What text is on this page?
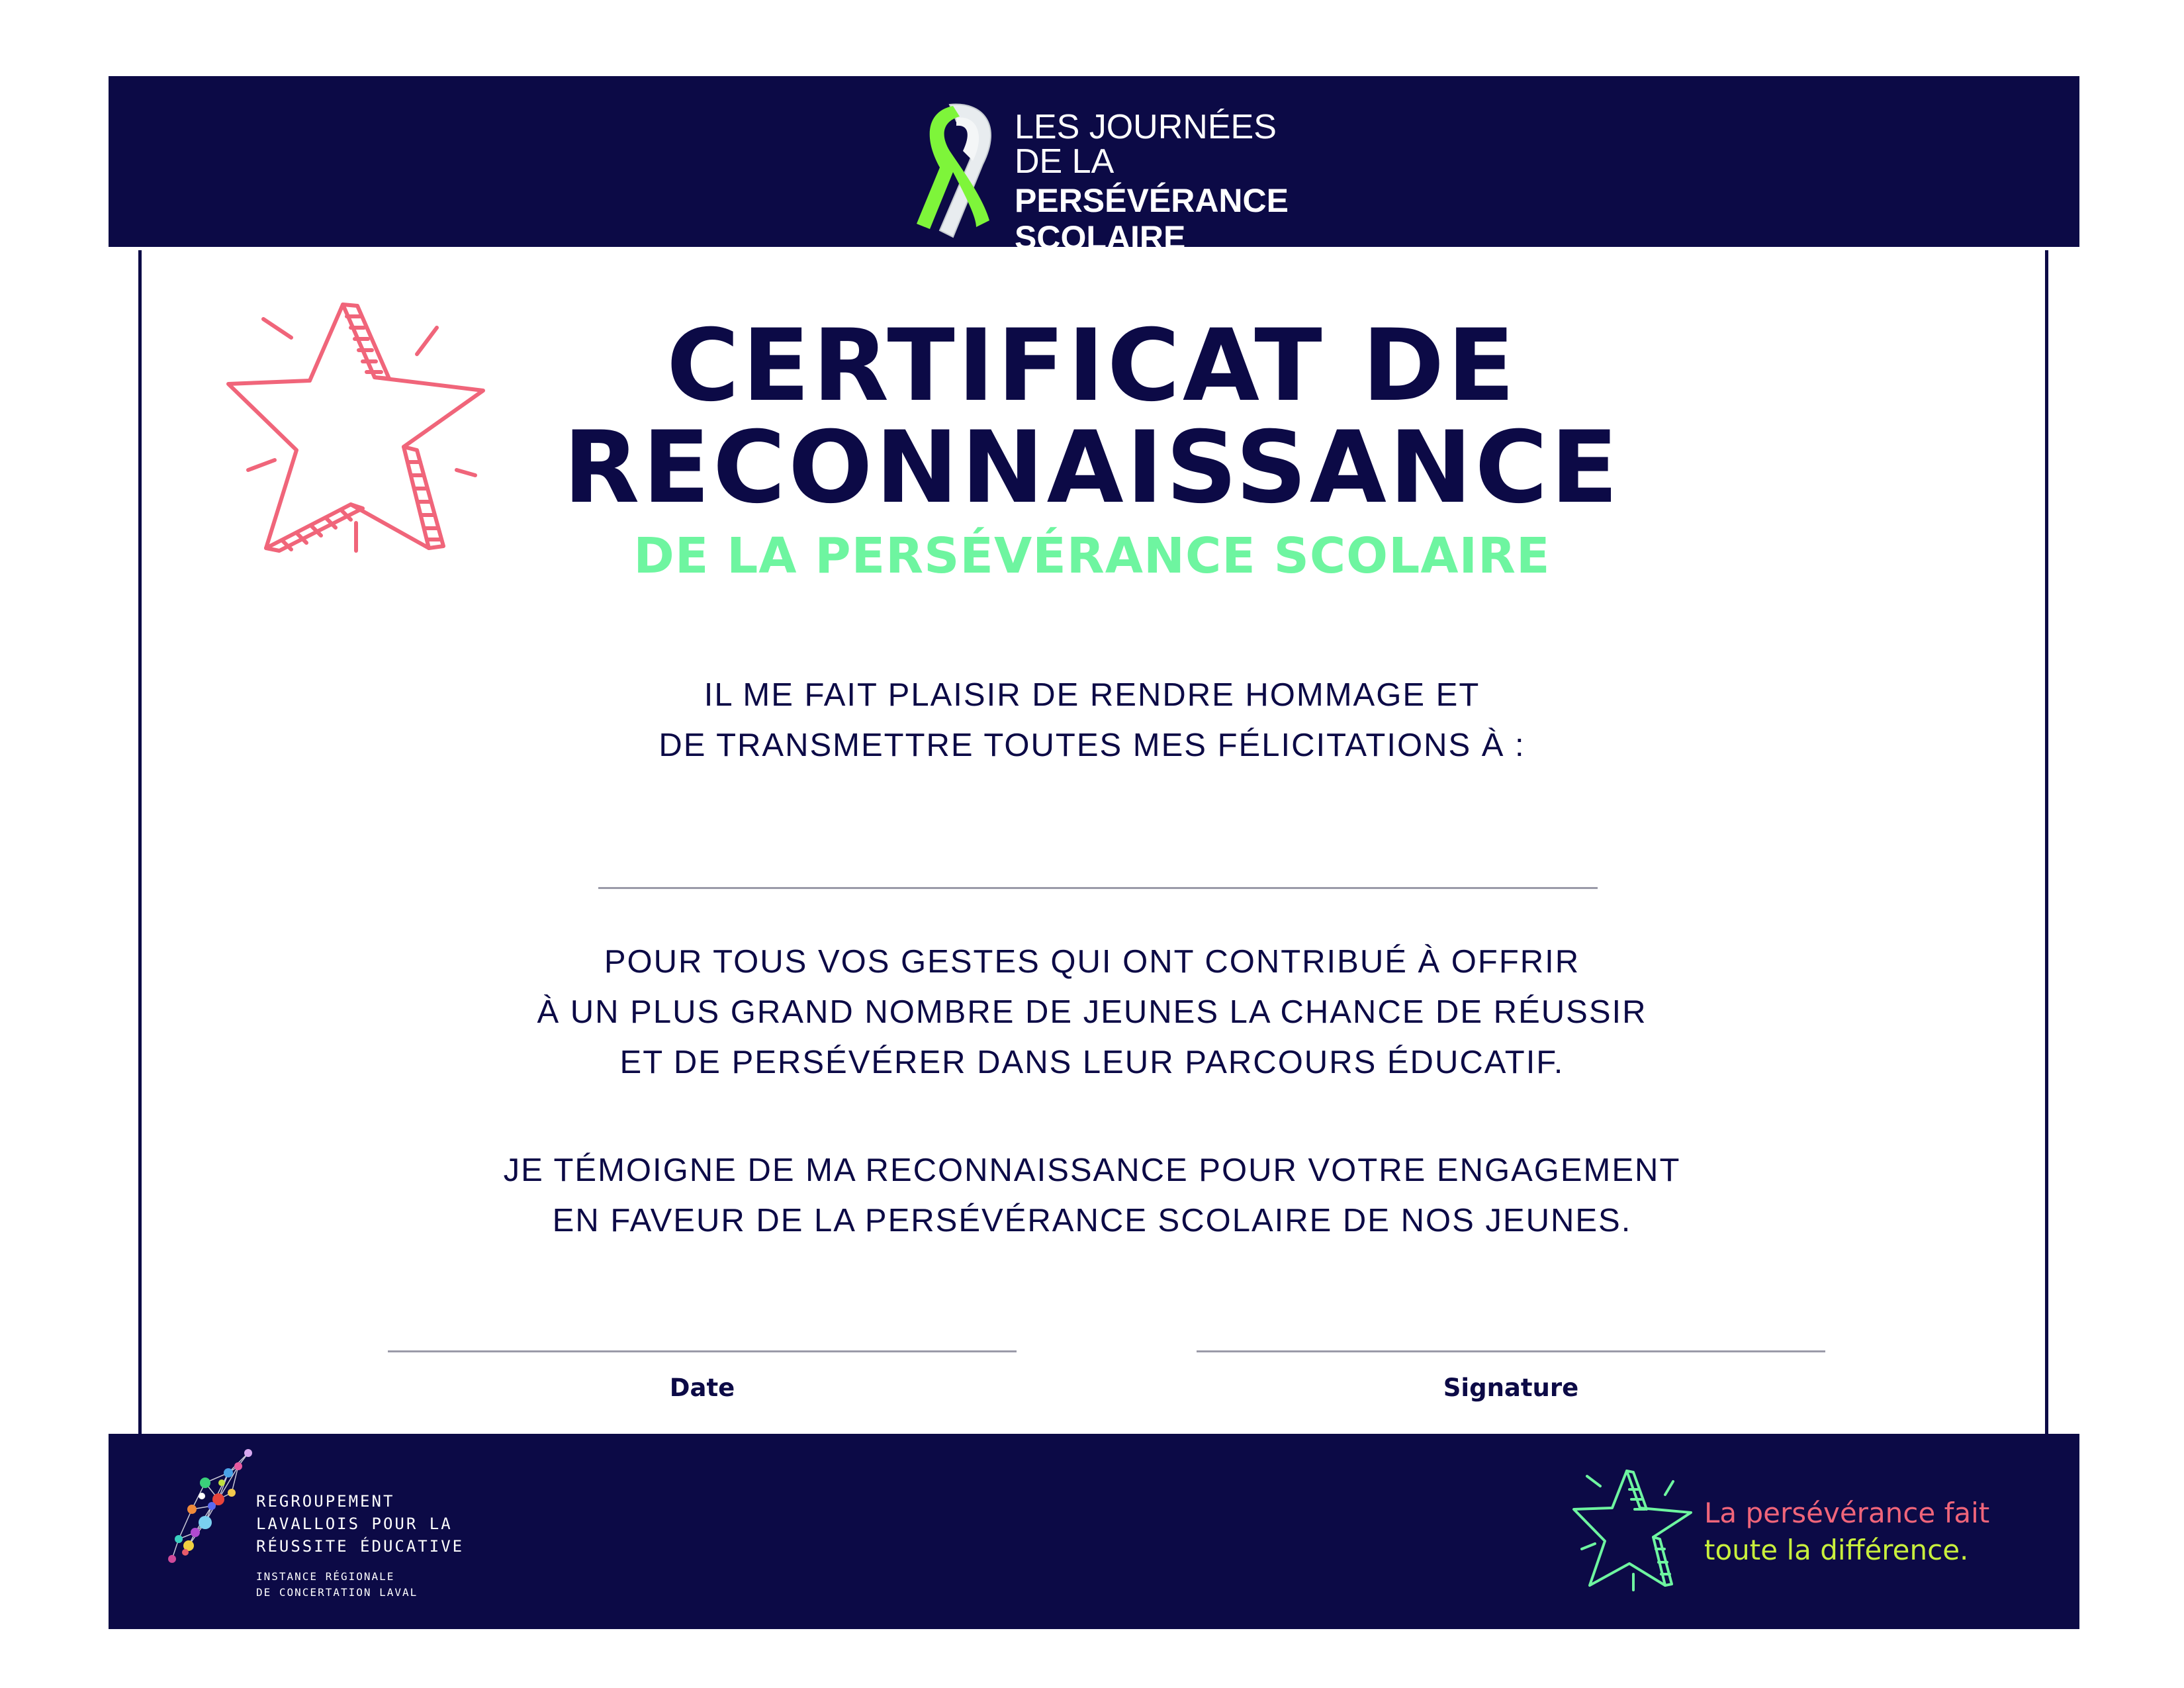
LES JOURNÉES DE LA
PERSÉVÉRANCE
SCOLAIRE
CERTIFICAT DE
RECONNAISSANCE
DE LA PERSÉVÉRANCE SCOLAIRE
IL ME FAIT PLAISIR DE RENDRE HOMMAGE ET
DE TRANSMETTRE TOUTES MES FÉLICITATIONS À :
POUR TOUS VOS GESTES QUI ONT CONTRIBUÉ À OFFRIR
À UN PLUS GRAND NOMBRE DE JEUNES LA CHANCE DE RÉUSSIR
ET DE PERSÉVÉRER DANS LEUR PARCOURS ÉDUCATIF.
JE TÉMOIGNE DE MA RECONNAISSANCE POUR VOTRE ENGAGEMENT
EN FAVEUR DE LA PERSÉVÉRANCE SCOLAIRE DE NOS JEUNES.
Date	Signature
REGROUPEMENT
LAVALLOIS POUR LA
RÉUSSITE ÉDUCATIVE
INSTANCE RÉGIONALE
DE CONCERTATION LAVAL
La persévérance fait
toute la différence.
